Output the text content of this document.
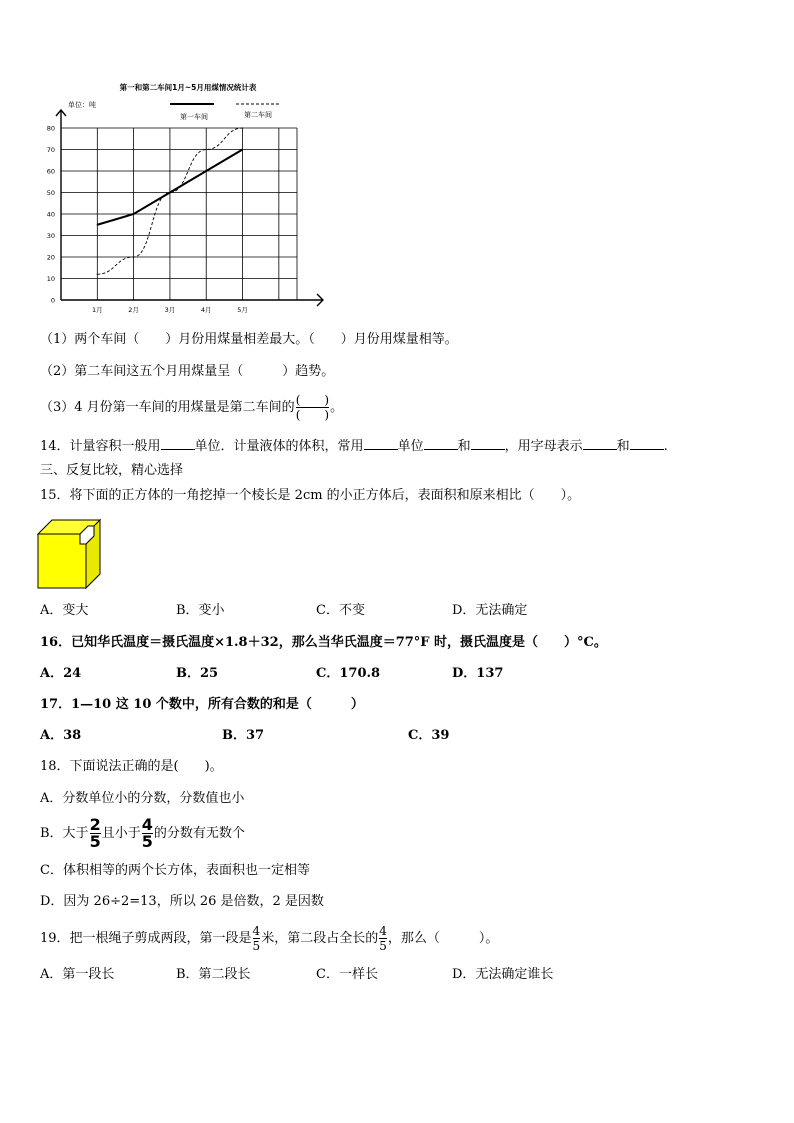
0
10
20
30
40
50
60
70
80
1月	2月	3月	4月	5月
第一和第二车间1月~5月用煤情况统计表
单位：吨
第一车间	第二车间
（1）两个车间（　　）月份用煤量相差最大。（　　）月份用煤量相等。
（2）第二车间这五个月用煤量呈（　　　）趋势。
（3）4 月份第一车间的用煤量是第二车间的 $\frac{( )}{( )}$ 。
14．计量容积一般用	单位．计量液体的体积，常用	单位	和	，用字母表示	和	.
三、反复比较，精心选择
15．将下面的正方体的一角挖掉一个棱长是 2cm 的小正方体后，表面积和原来相比（　　）。
A．变大	B．变小	C．不变	D．无法确定
16．已知华氏温度＝摄氏温度×1.8＋32，那么当华氏温度＝77°F 时，摄氏温度是（　　）°C。
A．24	B．25	C．170.8	D．137
17．1—10 这 10 个数中，所有合数的和是（　　　）
A．38	B．37	C．39
18．下面说法正确的是(　　)。
A．分数单位小的分数，分数值也小
B．大于 $\frac{2}{5}$ 且小于 $\frac{4}{5}$ 的分数有无数个
C．体积相等的两个长方体，表面积也一定相等
D．因为 26÷2=13，所以 26 是倍数，2 是因数
19．把一根绳子剪成两段，第一段是 $\frac{4}{5}$ 米，第二段占全长的 $\frac{4}{5}$ ，那么（　　　）。
A．第一段长	B．第二段长	C．一样长	D．无法确定谁长
